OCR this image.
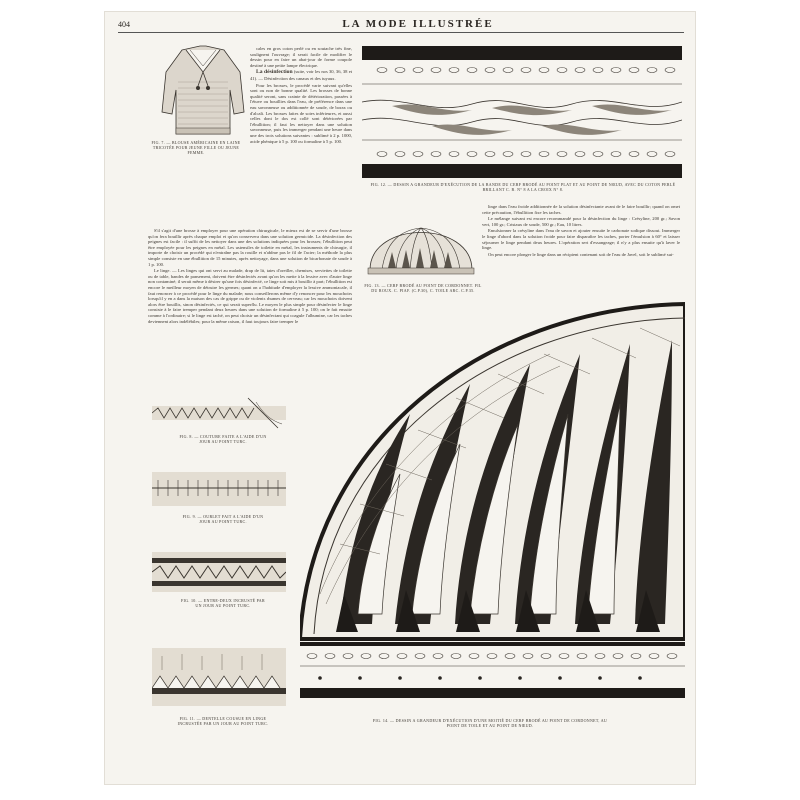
404	LA MODE ILLUSTRÉE
FIG. 7. — BLOUSE AMÉRICAINE EN LAINE TRICOTÉE POUR JEUNE FILLE OU JEUNE FEMME.

cales en gros coton perlé ou en soutache très fine, soulignent l'ouvrage; il serait facile de modifier le dessin pour en faire un abat-jour de forme coupole destiné à une petite lampe électrique.

La désinfection (suite, voir les nos 30, 36, 38 et 41). — Désinfection des canaux et des tuyaux.

Pour les brosses, le procédé varie suivant qu'elles sont ou non de bonne qualité. Les brosses de bonne qualité seront, sans crainte de détérioration, passées à l'étuve ou bouillies dans l'eau, de préférence dans une eau savonneuse ou additionnée de soude, de borax ou d'alcali. Les brosses faites de soies inférieures, et aussi celles dont le dos est collé sont détériorées par l'ébullition; il faut les nettoyer dans une solution savonneuse, puis les immerger pendant une heure dans une des trois solutions suivantes : sublimé à 2 p. 1000, acide phénique à 5 p. 100 ou formaline à 5 p. 100.

S'il s'agit d'une brosse à employer pour une opération chirurgicale, le mieux est de se servir d'une brosse qu'on fera bouillir après chaque emploi et qu'on conservera dans une solution germicide. La désinfection des peignes est facile : il suffit de les nettoyer dans une des solutions indiquées pour les brosses; l'ébullition peut être employée pour les peignes en métal. Les ustensiles de toilette en métal, les instruments de chirurgie, il importe de choisir un procédé qui n'entraîne pas la rouille et n'abîme pas le fil de l'acier; la méthode la plus simple consiste en une ébullition de 15 minutes, après nettoyage, dans une solution de bicarbonate de soude à 1 p. 100.

Le linge. — Les linges qui ont servi au malade, drap de lit, taies d'oreiller, chemises, serviettes de toilette ou de table, bandes de pansement, doivent être désinfectés avant qu'on les mette à la lessive avec d'autre linge non contaminé; il serait même à désirer qu'une fois désinfecté, ce linge soit mis à bouillir à part; l'ébullition est encore le meilleur moyen de détruire les germes; quant on a l'habitude d'employer la lessive ammoniacale, il faut renoncer à ce procédé pour le linge du malade; nous conseillerons même d'y renoncer pour les mouchoirs lorsqu'il y en a dans la maison des cas de grippe ou de violents rhumes de cerveau; car les mouchoirs doivent alors être bouillis, sinon désinfectés, ce qui serait superflu. Le moyen le plus simple pour désinfecter le linge consiste à le faire tremper pendant deux heures dans une solution de formaline à 5 p. 100; on le fait ensuite comme à l'ordinaire; si le linge est taché, on peut choisir un désinfectant qui coagule l'albumine, car les taches deviennent alors indélébiles; pour la même raison, il faut toujours faire tremper le

FIG. 12. — DESSIN A GRANDEUR D'EXÉCUTION DE LA BANDE DU CERF BRODÉ AU POINT PLAT ET AU POINT DE NŒUD, AVEC DU COTON PERLÉ BRILLANT C. B. N° 8 A LA CROIX N° 8.
FIG. 13. — CERF BRODÉ AU POINT DE CORDONNET. FIL DU ROUX. C. PIAF. (C.P.30), C. TOILE ARC. C.P.35.

linge dans l'eau froide additionnée de la solution désinfectante avant de le faire bouillir; quand on omet cette précaution, l'ébullition fixe les taches.

Le mélange suivant est encore recommandé pour la désinfection du linge : Crésyline, 200 gr.; Savon vert, 100 gr.; Cristaux de soude, 500 gr.; Eau, 10 litres.

Emulsionner la crésyline dans l'eau de savon et ajouter ensuite le carbonate sodique dissout. Immerger le linge d'abord dans la solution froide pour faire disparaître les taches, porter l'émulsion à 60° et laisser séjourner le linge pendant deux heures. L'opération sert d'essangeage; il n'y a plus ensuite qu'à laver le linge.

On peut encore plonger le linge dans un récipient contenant soit de l'eau de Javel, soit le sublimé sui-

FIG. 14. — DESSIN A GRANDEUR D'EXÉCUTION D'UNE MOITIÉ DU CERF BRODÉ AU POINT DE CORDONNET, AU POINT DE TOILE ET AU POINT DE NŒUD.
FIG. 8. — COUTURE FAITE A L'AIDE D'UN JOUR AU POINT TURC.
FIG. 9. — OURLET FAIT A L'AIDE D'UN JOUR AU POINT TURC.
FIG. 10. — ENTRE-DEUX INCRUSTÉ PAR UN JOUR AU POINT TURC.
FIG. 11. — DENTELLE COUSUE EN LINGE INCRUSTÉE PAR UN JOUR AU POINT TURC.
